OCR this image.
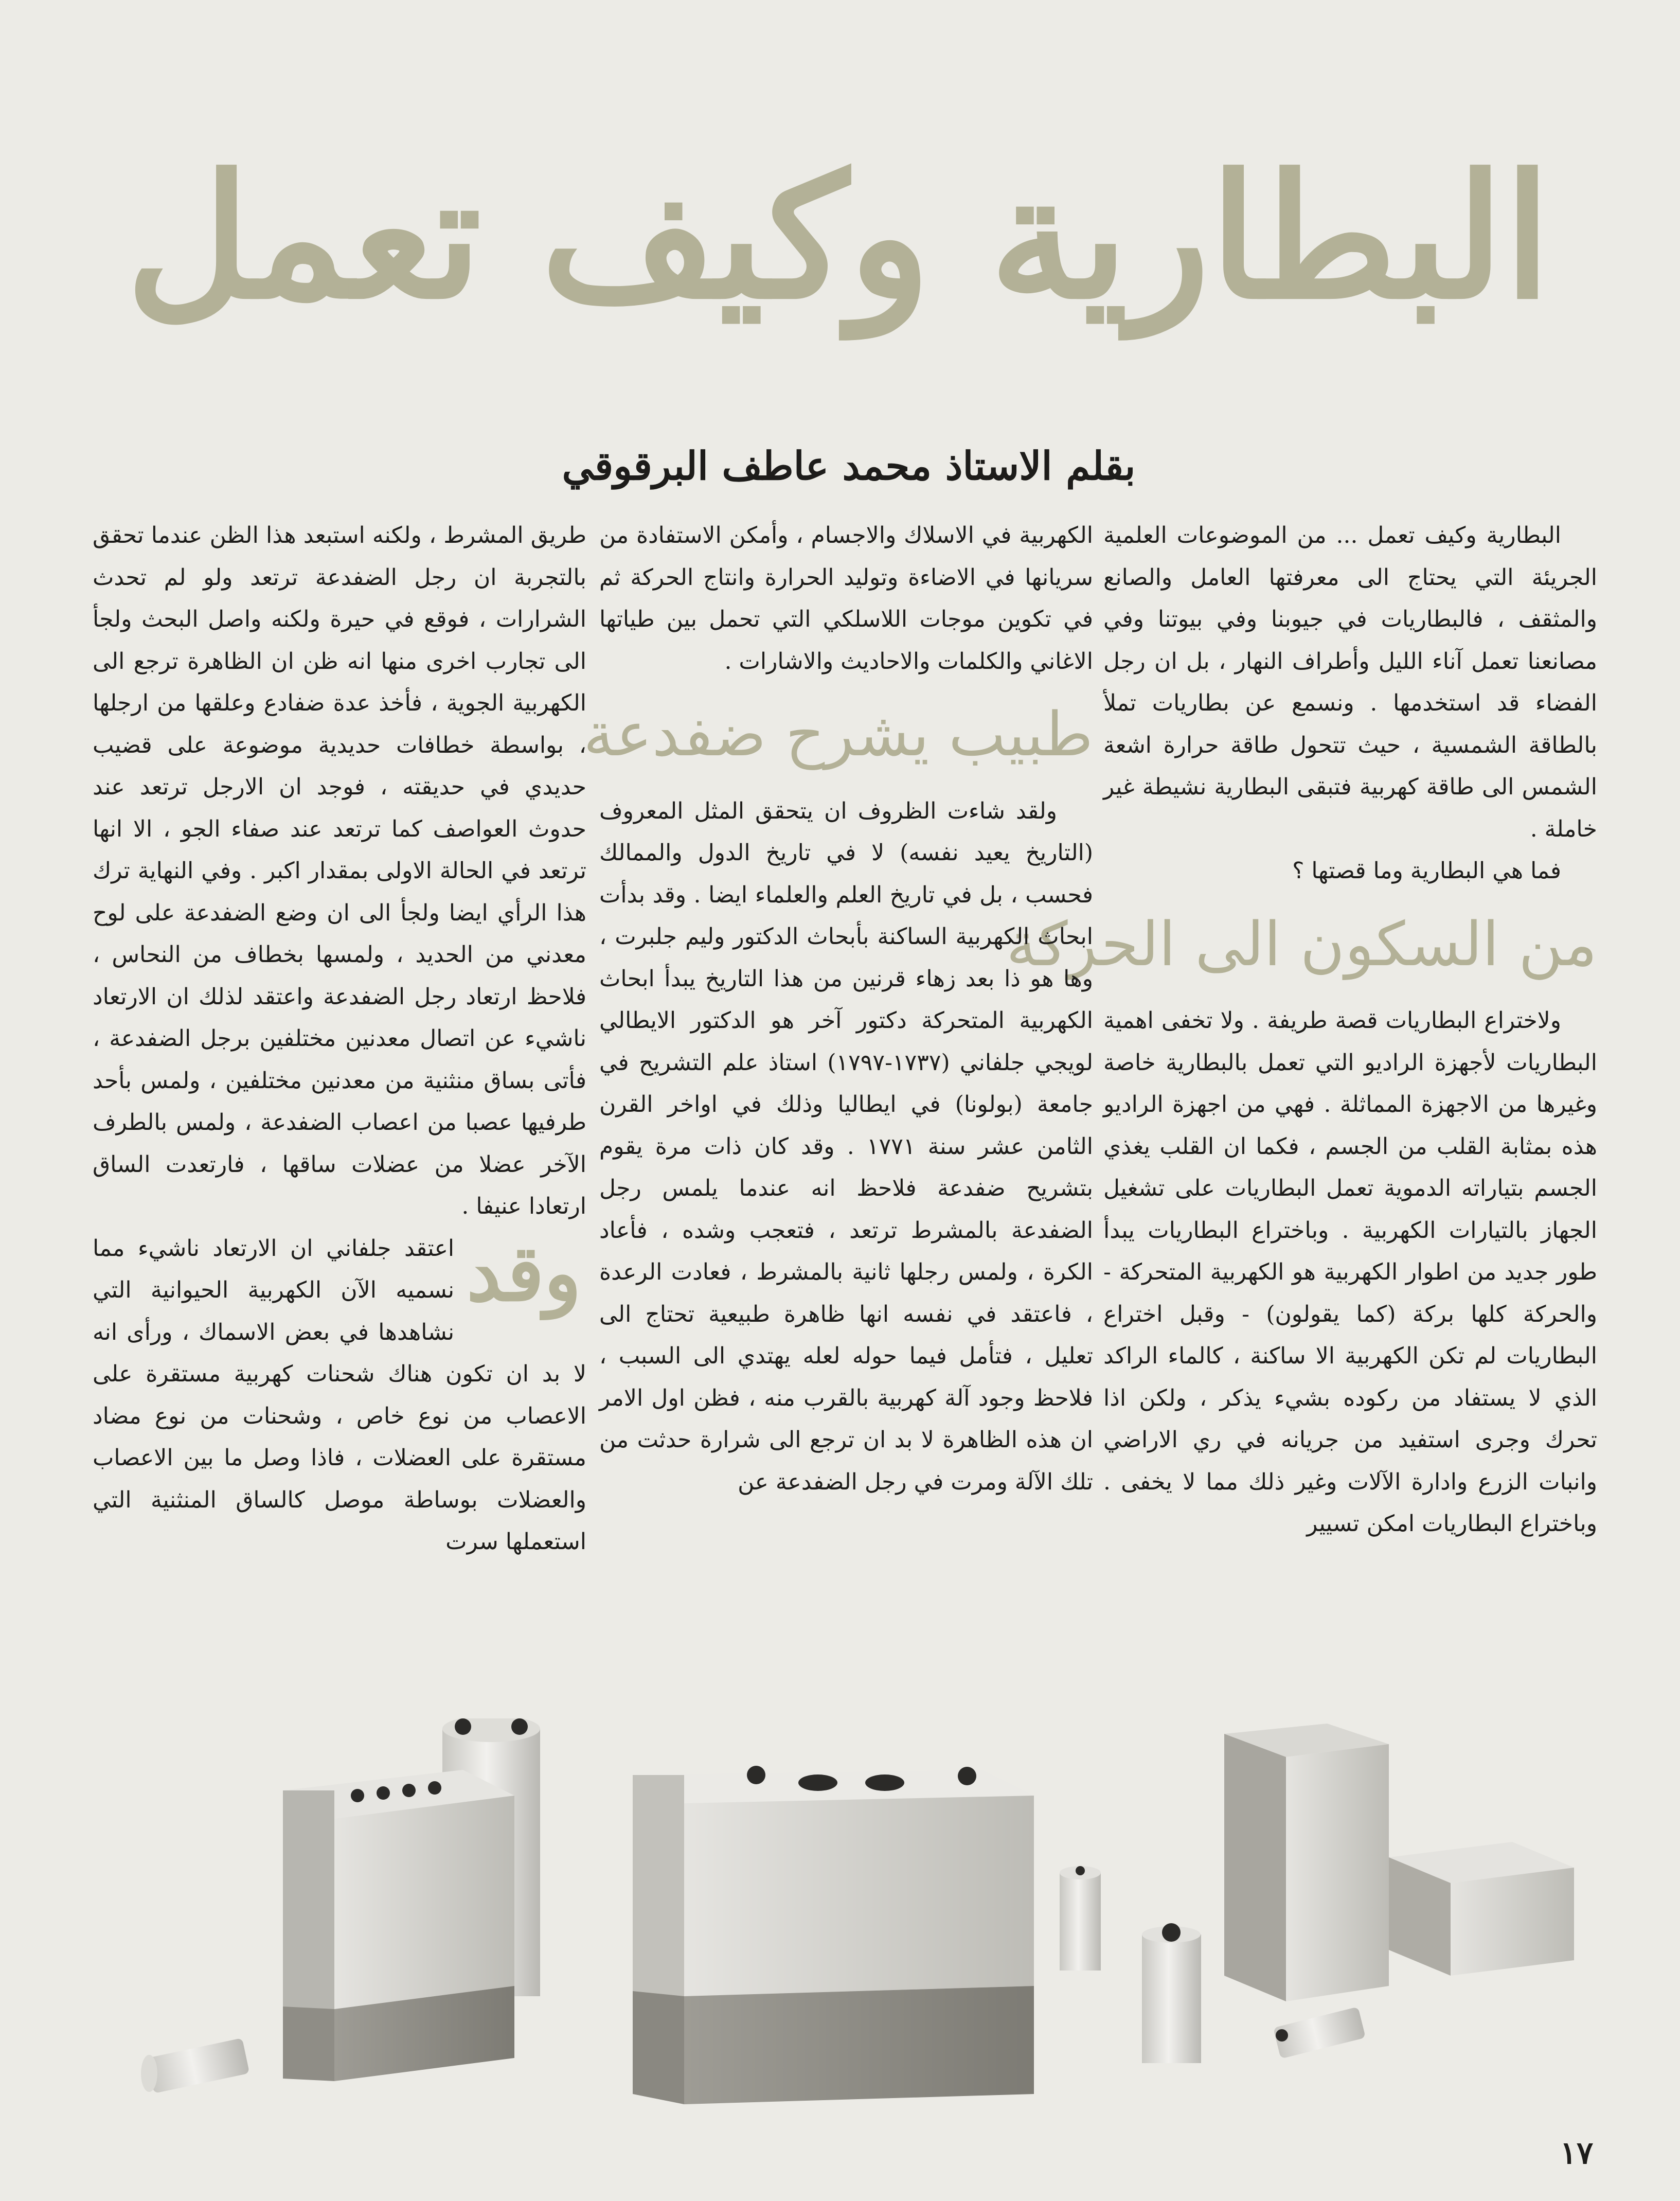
البطارية وكيف تعمل
بقلم الاستاذ محمد عاطف البرقوقي

البطارية وكيف تعمل ... من الموضوعات العلمية الجريئة التي يحتاج الى معرفتها العامل والصانع والمثقف ، فالبطاريات في جيوبنا وفي بيوتنا وفي مصانعنا تعمل آناء الليل وأطراف النهار ، بل ان رجل الفضاء قد استخدمها . ونسمع عن بطاريات تملأ بالطاقة الشمسية ، حيث تتحول طاقة حرارة اشعة الشمس الى طاقة كهربية فتبقى البطارية نشيطة غير خاملة .

فما هي البطارية وما قصتها ؟

من السكون الى الحركة

ولاختراع البطاريات قصة طريفة . ولا تخفى اهمية البطاريات لأجهزة الراديو التي تعمل بالبطارية خاصة وغيرها من الاجهزة المماثلة . فهي من اجهزة الراديو هذه بمثابة القلب من الجسم ، فكما ان القلب يغذي الجسم بتياراته الدموية تعمل البطاريات على تشغيل الجهاز بالتيارات الكهربية . وباختراع البطاريات يبدأ طور جديد من اطوار الكهربية هو الكهربية المتحركة - والحركة كلها بركة (كما يقولون) - وقبل اختراع البطاريات لم تكن الكهربية الا ساكنة ، كالماء الراكد الذي لا يستفاد من ركوده بشيء يذكر ، ولكن اذا تحرك وجرى استفيد من جريانه في ري الاراضي وانبات الزرع وادارة الآلات وغير ذلك مما لا يخفى . وباختراع البطاريات امكن تسيير

الكهربية في الاسلاك والاجسام ، وأمكن الاستفادة من سريانها في الاضاءة وتوليد الحرارة وانتاج الحركة ثم في تكوين موجات اللاسلكي التي تحمل بين طياتها الاغاني والكلمات والاحاديث والاشارات .

طبيب يشرح ضفدعة

ولقد شاءت الظروف ان يتحقق المثل المعروف (التاريخ يعيد نفسه) لا في تاريخ الدول والممالك فحسب ، بل في تاريخ العلم والعلماء ايضا . وقد بدأت ابحاث الكهربية الساكنة بأبحاث الدكتور وليم جلبرت ، وها هو ذا بعد زهاء قرنين من هذا التاريخ يبدأ ابحاث الكهربية المتحركة دكتور آخر هو الدكتور الايطالي لويجي جلفاني (١٧٣٧-١٧٩٧) استاذ علم التشريح في جامعة (بولونا) في ايطاليا وذلك في اواخر القرن الثامن عشر سنة ١٧٧١ . وقد كان ذات مرة يقوم بتشريح ضفدعة فلاحظ انه عندما يلمس رجل الضفدعة بالمشرط ترتعد ، فتعجب وشده ، فأعاد الكرة ، ولمس رجلها ثانية بالمشرط ، فعادت الرعدة ، فاعتقد في نفسه انها ظاهرة طبيعية تحتاج الى تعليل ، فتأمل فيما حوله لعله يهتدي الى السبب ، فلاحظ وجود آلة كهربية بالقرب منه ، فظن اول الامر ان هذه الظاهرة لا بد ان ترجع الى شرارة حدثت من تلك الآلة ومرت في رجل الضفدعة عن

طريق المشرط ، ولكنه استبعد هذا الظن عندما تحقق بالتجربة ان رجل الضفدعة ترتعد ولو لم تحدث الشرارات ، فوقع في حيرة ولكنه واصل البحث ولجأ الى تجارب اخرى منها انه ظن ان الظاهرة ترجع الى الكهربية الجوية ، فأخذ عدة ضفادع وعلقها من ارجلها ، بواسطة خطافات حديدية موضوعة على قضيب حديدي في حديقته ، فوجد ان الارجل ترتعد عند حدوث العواصف كما ترتعد عند صفاء الجو ، الا انها ترتعد في الحالة الاولى بمقدار اكبر . وفي النهاية ترك هذا الرأي ايضا ولجأ الى ان وضع الضفدعة على لوح معدني من الحديد ، ولمسها بخطاف من النحاس ، فلاحظ ارتعاد رجل الضفدعة واعتقد لذلك ان الارتعاد ناشيء عن اتصال معدنين مختلفين برجل الضفدعة ، فأتى بساق منثنية من معدنين مختلفين ، ولمس بأحد طرفيها عصبا من اعصاب الضفدعة ، ولمس بالطرف الآخر عضلا من عضلات ساقها ، فارتعدت الساق ارتعادا عنيفا .

وقد
اعتقد جلفاني ان الارتعاد ناشيء مما نسميه الآن الكهربية الحيوانية التي نشاهدها في بعض الاسماك ، ورأى انه لا بد ان تكون هناك شحنات كهربية مستقرة على الاعصاب من نوع خاص ، وشحنات من نوع مضاد مستقرة على العضلات ، فاذا وصل ما بين الاعصاب والعضلات بوساطة موصل كالساق المنثنية التي استعملها سرت

١٧
